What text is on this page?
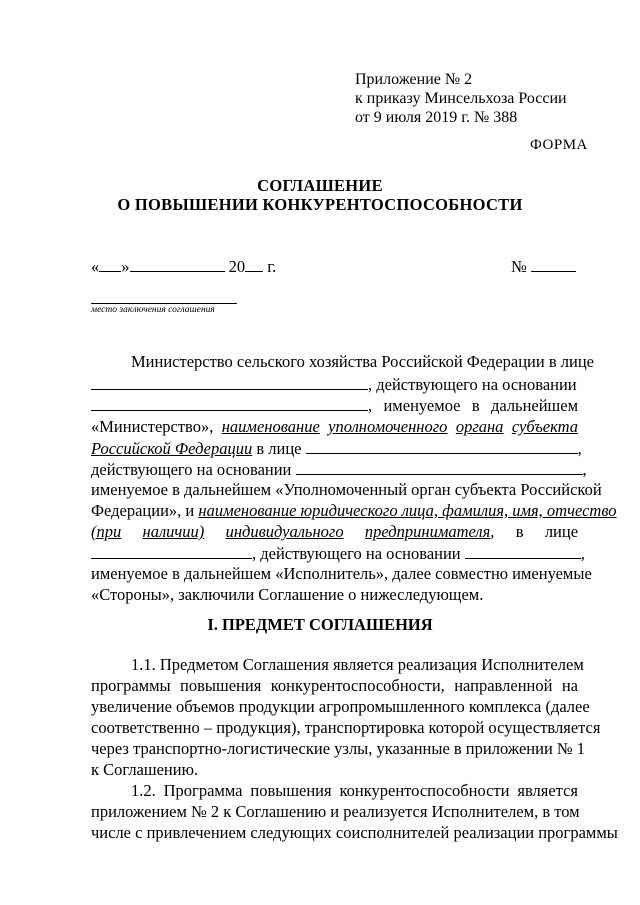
Приложение № 2
к приказу Минсельхоза России
от 9 июля 2019 г. № 388
ФОРМА
СОГЛАШЕНИЕ
О ПОВЫШЕНИИ КОНКУРЕНТОСПОСОБНОСТИ
« »	20 г.	№
место заключения соглашения
Министерство сельского хозяйства Российской Федерации в лице
, действующего на основании
, именуемое в дальнейшем
«Министерство», наименование уполномоченного органа субъекта
Российской Федерации в лице	,
действующего на основании	,
именуемое в дальнейшем «Уполномоченный орган субъекта Российской
Федерации», и наименование юридического лица, фамилия, имя, отчество
(при наличии) индивидуального предпринимателя, в лице
, действующего на основании	,
именуемое в дальнейшем «Исполнитель», далее совместно именуемые
«Стороны», заключили Соглашение о нижеследующем.
I. ПРЕДМЕТ СОГЛАШЕНИЯ
1.1. Предметом Соглашения является реализация Исполнителем
программы повышения конкурентоспособности, направленной на
увеличение объемов продукции агропромышленного комплекса (далее
соответственно – продукция), транспортировка которой осуществляется
через транспортно-логистические узлы, указанные в приложении № 1
к Соглашению.
1.2. Программа повышения конкурентоспособности является
приложением № 2 к Соглашению и реализуется Исполнителем, в том
числе с привлечением следующих соисполнителей реализации программы
